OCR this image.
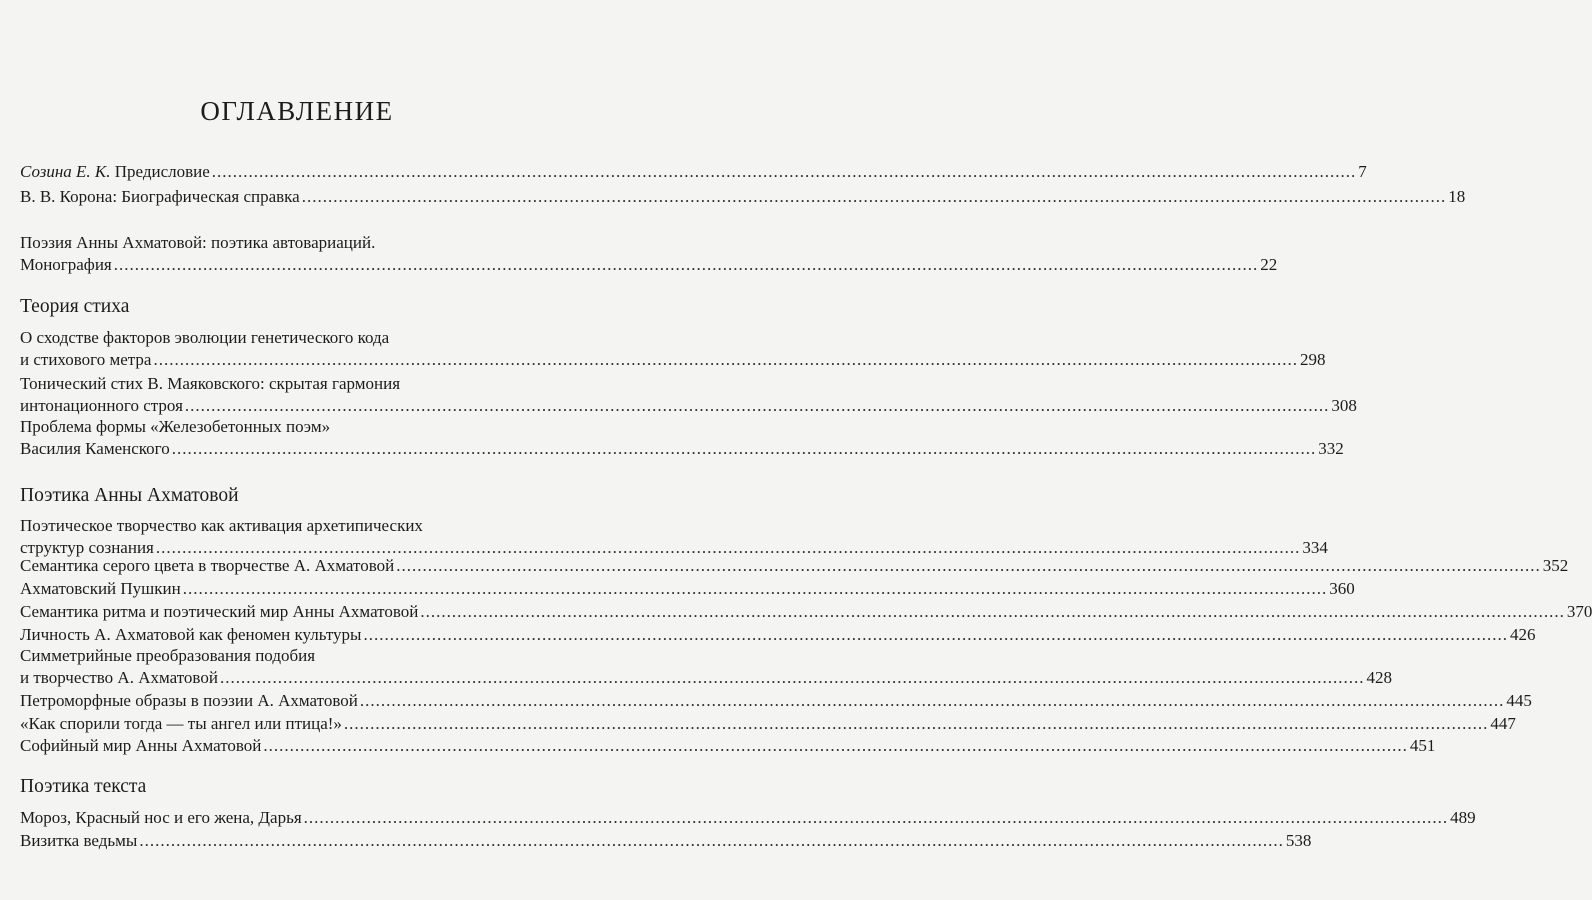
ОГЛАВЛЕНИЕ
Созина Е. К. Предисловие .......................................................................................................................................................................................................................... 7
В. В. Корона: Биографическая справка .......................................................................................................................................................................................................................... 18
Поэзия Анны Ахматовой: поэтика автовариаций.
Монография .......................................................................................................................................................................................................................... 22
Теория стиха
О сходстве факторов эволюции генетического кода
и стихового метра .......................................................................................................................................................................................................................... 298
Тонический стих В. Маяковского: скрытая гармония
интонационного строя .......................................................................................................................................................................................................................... 308
Проблема формы «Железобетонных поэм»
Василия Каменского .......................................................................................................................................................................................................................... 332
Поэтика Анны Ахматовой
Поэтическое творчество как активация архетипических
структур сознания .......................................................................................................................................................................................................................... 334
Семантика серого цвета в творчестве А. Ахматовой .......................................................................................................................................................................................................................... 352
Ахматовский Пушкин .......................................................................................................................................................................................................................... 360
Семантика ритма и поэтический мир Анны Ахматовой .......................................................................................................................................................................................................................... 370
Личность А. Ахматовой как феномен культуры .......................................................................................................................................................................................................................... 426
Симметрийные преобразования подобия
и творчество А. Ахматовой .......................................................................................................................................................................................................................... 428
Петроморфные образы в поэзии А. Ахматовой .......................................................................................................................................................................................................................... 445
«Как спорили тогда — ты ангел или птица!» .......................................................................................................................................................................................................................... 447
Софийный мир Анны Ахматовой .......................................................................................................................................................................................................................... 451
Поэтика текста
Мороз, Красный нос и его жена, Дарья .......................................................................................................................................................................................................................... 489
Визитка ведьмы .......................................................................................................................................................................................................................... 538
